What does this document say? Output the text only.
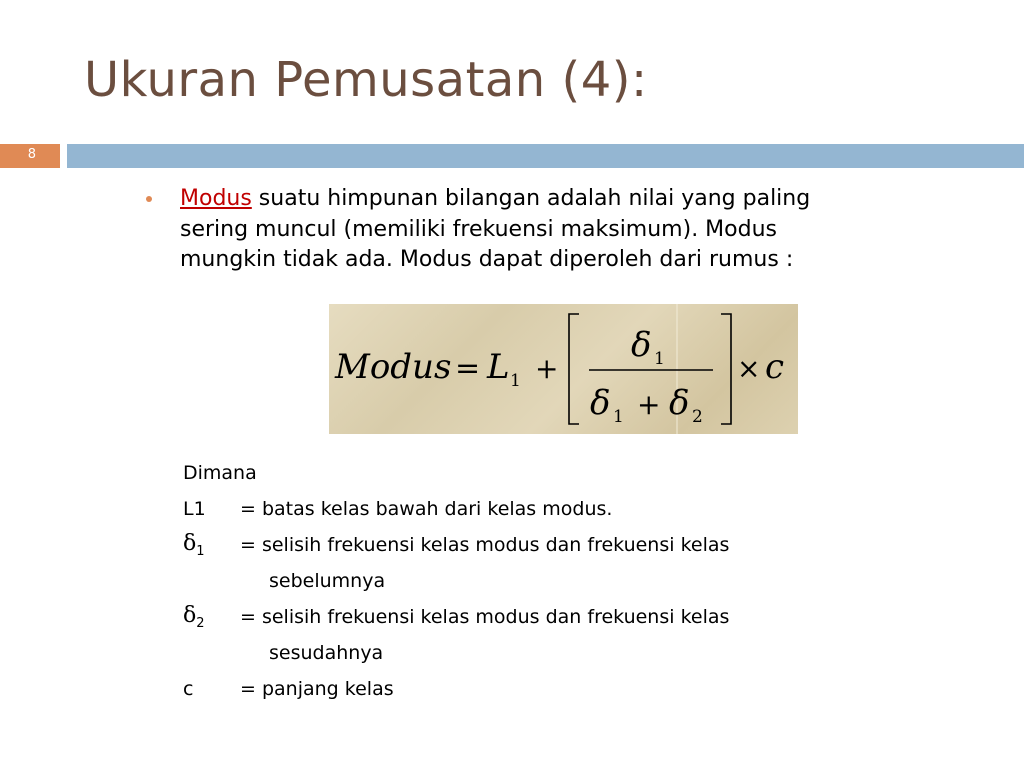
Ukuran Pemusatan (4):
8
Modus suatu himpunan bilangan adalah nilai yang paling sering muncul (memiliki frekuensi maksimum). Modus mungkin tidak ada. Modus dapat diperoleh dari rumus :
Modus = L 1 +
δ 1
δ 1 + δ 2
× c
Dimana
L1 = batas kelas bawah dari kelas modus.
$\delta_1$ = selisih frekuensi kelas modus dan frekuensi kelas
sebelumnya
$\delta_2$ = selisih frekuensi kelas modus dan frekuensi kelas
sesudahnya
c = panjang kelas
